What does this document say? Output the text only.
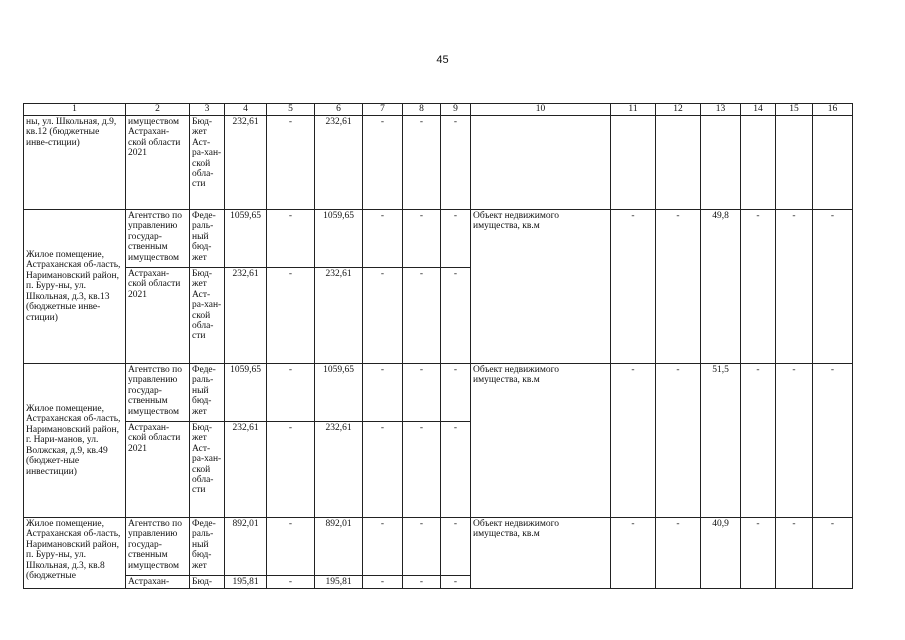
45
1	2	3	4	5	6	7	8	9	10	11	12	13	14	15	16
ны, ул. Школьная, д.9, кв.12 (бюджетные инве-стиции)	имуществом Астрахан-ской области 2021	Бюд-жет Аст-ра-хан-ской обла-сти	232,61	-	232,61	-	-	-							
Жилое помещение, Астраханская об-ласть, Наримановский район, п. Буру-ны, ул. Школьная, д.3, кв.13 (бюджетные инве-стиции)	Агентство по управлению государ-ственным имуществом	Феде-раль-ный бюд-жет	1059,65	-	1059,65	-	-	-	Объект недвижимого имущества, кв.м	-	-	49,8	-	-	-
	Астрахан-ской области 2021	Бюд-жет Аст-ра-хан-ской обла-сти	232,61	-	232,61	-	-	-							
Жилое помещение, Астраханская об-ласть, Наримановский район, г. Нари-манов, ул. Волжская, д.9, кв.49 (бюджет-ные инвестиции)	Агентство по управлению государ-ственным имуществом	Феде-раль-ный бюд-жет	1059,65	-	1059,65	-	-	-	Объект недвижимого имущества, кв.м	-	-	51,5	-	-	-
	Астрахан-ской области 2021	Бюд-жет Аст-ра-хан-ской обла-сти	232,61	-	232,61	-	-	-							
Жилое помещение, Астраханская об-ласть, Наримановский район, п. Буру-ны, ул. Школьная, д.3, кв.8 (бюджетные	Агентство по управлению государ-ственным имуществом	Феде-раль-ный бюд-жет	892,01	-	892,01	-	-	-	Объект недвижимого имущества, кв.м	-	-	40,9	-	-	-
	Астрахан-	Бюд-	195,81	-	195,81	-	-	-							
